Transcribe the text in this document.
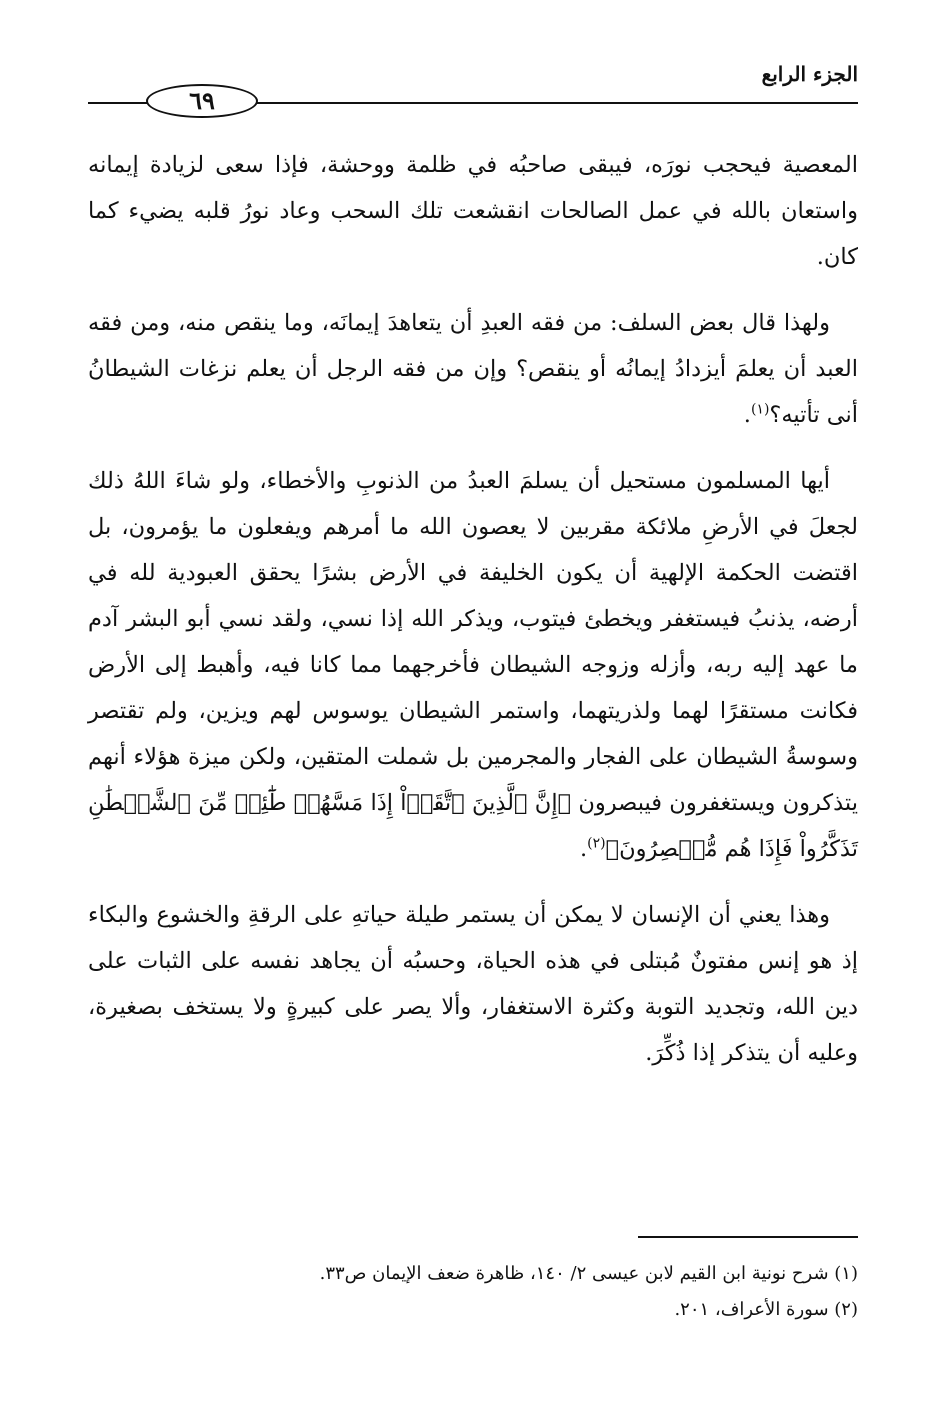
الجزء الرابع
٦٩

المعصية فيحجب نورَه، فيبقى صاحبُه في ظلمة ووحشة، فإذا سعى لزيادة إيمانه واستعان بالله في عمل الصالحات انقشعت تلك السحب وعاد نورُ قلبه يضيء كما كان.

ولهذا قال بعض السلف: من فقه العبدِ أن يتعاهدَ إيمانَه، وما ينقص منه، ومن فقه العبد أن يعلمَ أيزدادُ إيمانُه أو ينقص؟ وإن من فقه الرجل أن يعلم نزغات الشيطانُ أنى تأتيه؟$^{(١)}$.

أيها المسلمون مستحيل أن يسلمَ العبدُ من الذنوبِ والأخطاء، ولو شاءَ اللهُ ذلك لجعلَ في الأرضِ ملائكة مقربين لا يعصون الله ما أمرهم ويفعلون ما يؤمرون، بل اقتضت الحكمة الإلهية أن يكون الخليفة في الأرض بشرًا يحقق العبودية لله في أرضه، يذنبُ فيستغفر ويخطئ فيتوب، ويذكر الله إذا نسي، ولقد نسي أبو البشر آدم ما عهد إليه ربه، وأزله وزوجه الشيطان فأخرجهما مما كانا فيه، وأهبط إلى الأرض فكانت مستقرًا لهما ولذريتهما، واستمر الشيطان يوسوس لهم ويزين، ولم تقتصر وسوسةُ الشيطان على الفجار والمجرمين بل شملت المتقين، ولكن ميزة هؤلاء أنهم يتذكرون ويستغفرون فيبصرون ﴿إِنَّ ٱلَّذِينَ ٱتَّقَوۡاْ إِذَا مَسَّهُمۡ طَٰٓئِفٞ مِّنَ ٱلشَّيۡطَٰنِ تَذَكَّرُواْ فَإِذَا هُم مُّبۡصِرُونَ﴾$^{(٢)}$.

وهذا يعني أن الإنسان لا يمكن أن يستمر طيلة حياتهِ على الرقةِ والخشوع والبكاء إذ هو إنس مفتونٌ مُبتلى في هذه الحياة، وحسبُه أن يجاهد نفسه على الثبات على دين الله، وتجديد التوبة وكثرة الاستغفار، وألا يصر على كبيرةٍ ولا يستخف بصغيرة، وعليه أن يتذكر إذا ذُكِّرَ.

(١) شرح نونية ابن القيم لابن عيسى ٢/ ١٤٠، ظاهرة ضعف الإيمان ص٣٣.

(٢) سورة الأعراف، ٢٠١.
